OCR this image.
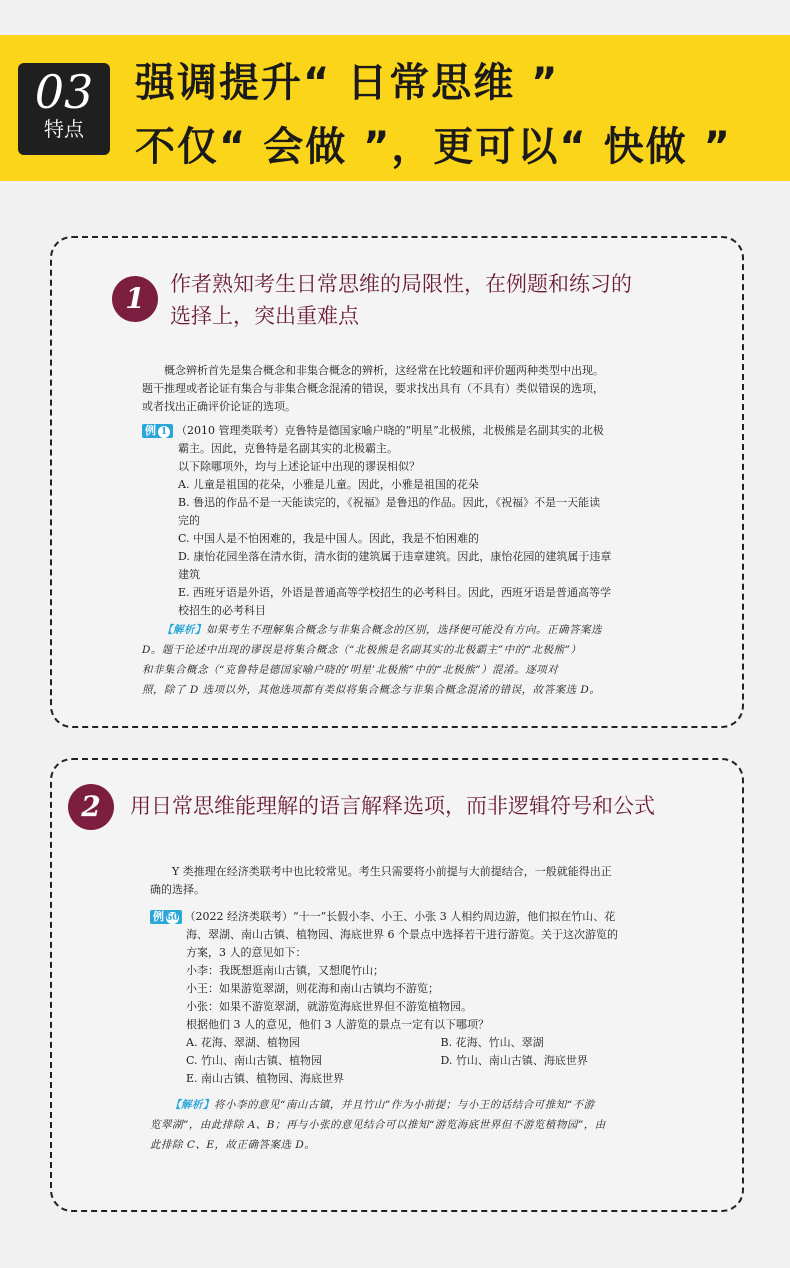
03
特点
强调提升“ 日常思维 ”
不仅“ 会做 ”，更可以“ 快做 ”
1	作者熟知考生日常思维的局限性，在例题和练习的
选择上，突出重难点
概念辨析首先是集合概念和非集合概念的辨析，这经常在比较题和评价题两种类型中出现。
题干推理或者论证有集合与非集合概念混淆的错误，要求找出具有（不具有）类似错误的选项，
或者找出正确评价论证的选项。
例 1 （2010 管理类联考）克鲁特是德国家喻户晓的“明星”北极熊，北极熊是名副其实的北极
霸主。因此，克鲁特是名副其实的北极霸主。
以下除哪项外，均与上述论证中出现的谬误相似？
A. 儿童是祖国的花朵，小雅是儿童。因此，小雅是祖国的花朵
B. 鲁迅的作品不是一天能读完的，《祝福》是鲁迅的作品。因此，《祝福》不是一天能读
完的
C. 中国人是不怕困难的，我是中国人。因此，我是不怕困难的
D. 康怡花园坐落在清水街，清水街的建筑属于违章建筑。因此，康怡花园的建筑属于违章
建筑
E. 西班牙语是外语，外语是普通高等学校招生的必考科目。因此，西班牙语是普通高等学
校招生的必考科目
【解析】如果考生不理解集合概念与非集合概念的区别，选择便可能没有方向。正确答案选
D。题干论述中出现的谬误是将集合概念（“北极熊是名副其实的北极霸主”中的“北极熊”）
和非集合概念（“克鲁特是德国家喻户晓的‘明星’北极熊”中的“北极熊”）混淆。逐项对
照，除了 D 选项以外，其他选项都有类似将集合概念与非集合概念混淆的错误，故答案选 D。
2	用日常思维能理解的语言解释选项，而非逻辑符号和公式
Y 类推理在经济类联考中也比较常见。考生只需要将小前提与大前提结合，一般就能得出正
确的选择。
例 60 （2022 经济类联考）“十一”长假小李、小王、小张 3 人相约周边游，他们拟在竹山、花
海、翠湖、南山古镇、植物园、海底世界 6 个景点中选择若干进行游览。关于这次游览的
方案，3 人的意见如下：
小李：我既想逛南山古镇，又想爬竹山；
小王：如果游览翠湖，则花海和南山古镇均不游览；
小张：如果不游览翠湖，就游览海底世界但不游览植物园。
根据他们 3 人的意见，他们 3 人游览的景点一定有以下哪项？
A. 花海、翠湖、植物园	B. 花海、竹山、翠湖
C. 竹山、南山古镇、植物园	D. 竹山、南山古镇、海底世界
E. 南山古镇、植物园、海底世界
【解析】将小李的意见“南山古镇，并且竹山”作为小前提；与小王的话结合可推知“不游
览翠湖”，由此排除 A、B；再与小张的意见结合可以推知“游览海底世界但不游览植物园”，由
此排除 C、E，故正确答案选 D。
